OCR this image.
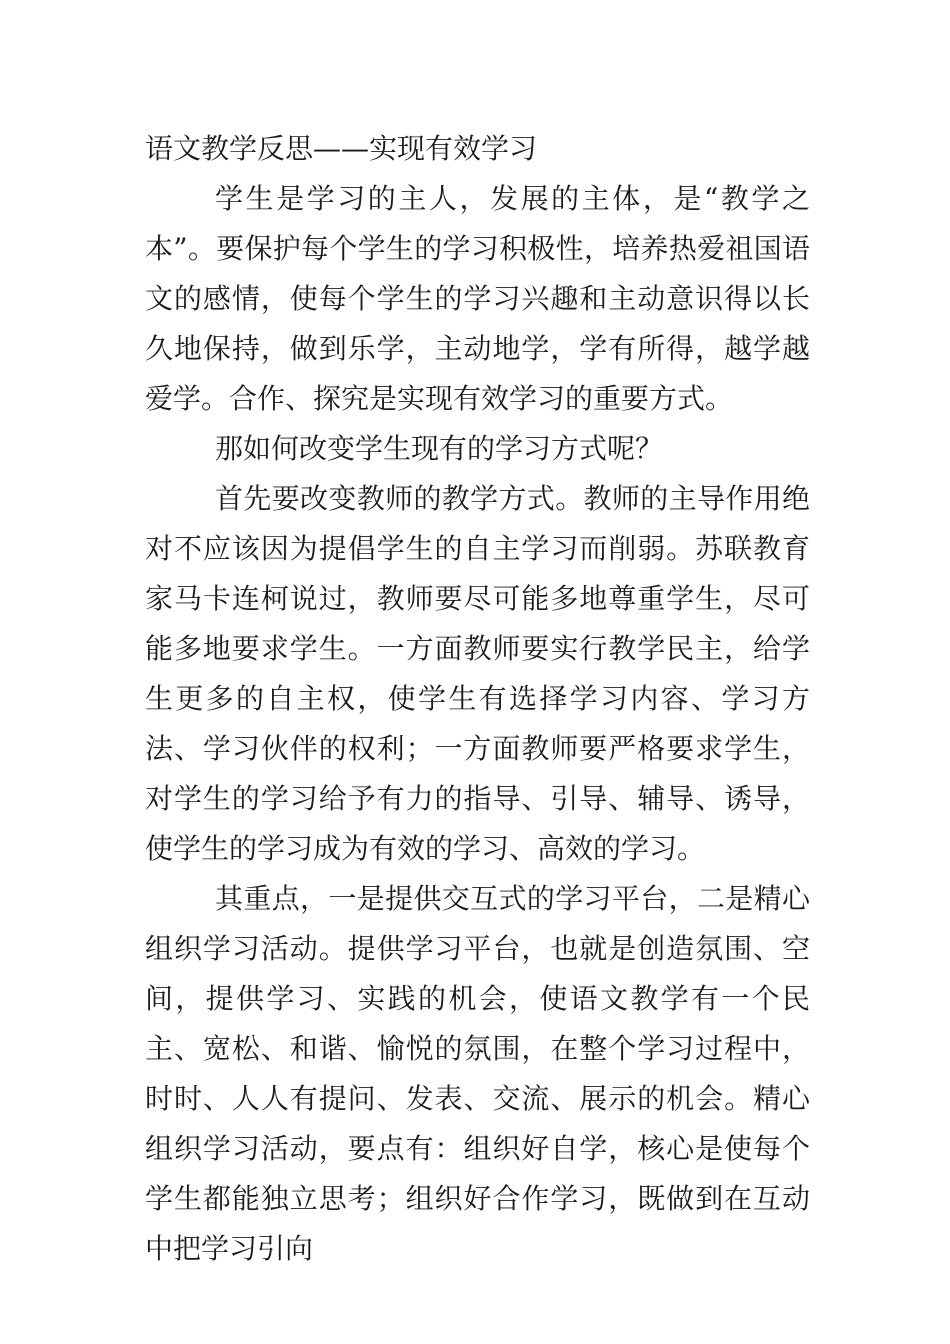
语文教学反思——实现有效学习

学生是学习的主人，发展的主体，是“教学之本”。要保护每个学生的学习积极性，培养热爱祖国语文的感情，使每个学生的学习兴趣和主动意识得以长久地保持，做到乐学，主动地学，学有所得，越学越爱学。合作、探究是实现有效学习的重要方式。

那如何改变学生现有的学习方式呢？

首先要改变教师的教学方式。教师的主导作用绝对不应该因为提倡学生的自主学习而削弱。苏联教育家马卡连柯说过，教师要尽可能多地尊重学生，尽可能多地要求学生。一方面教师要实行教学民主，给学生更多的自主权，使学生有选择学习内容、学习方法、学习伙伴的权利；一方面教师要严格要求学生，对学生的学习给予有力的指导、引导、辅导、诱导，使学生的学习成为有效的学习、高效的学习。

其重点，一是提供交互式的学习平台，二是精心组织学习活动。提供学习平台，也就是创造氛围、空间，提供学习、实践的机会，使语文教学有一个民主、宽松、和谐、愉悦的氛围，在整个学习过程中，时时、人人有提问、发表、交流、展示的机会。精心组织学习活动，要点有：组织好自学，核心是使每个学生都能独立思考；组织好合作学习，既做到在互动中把学习引向
